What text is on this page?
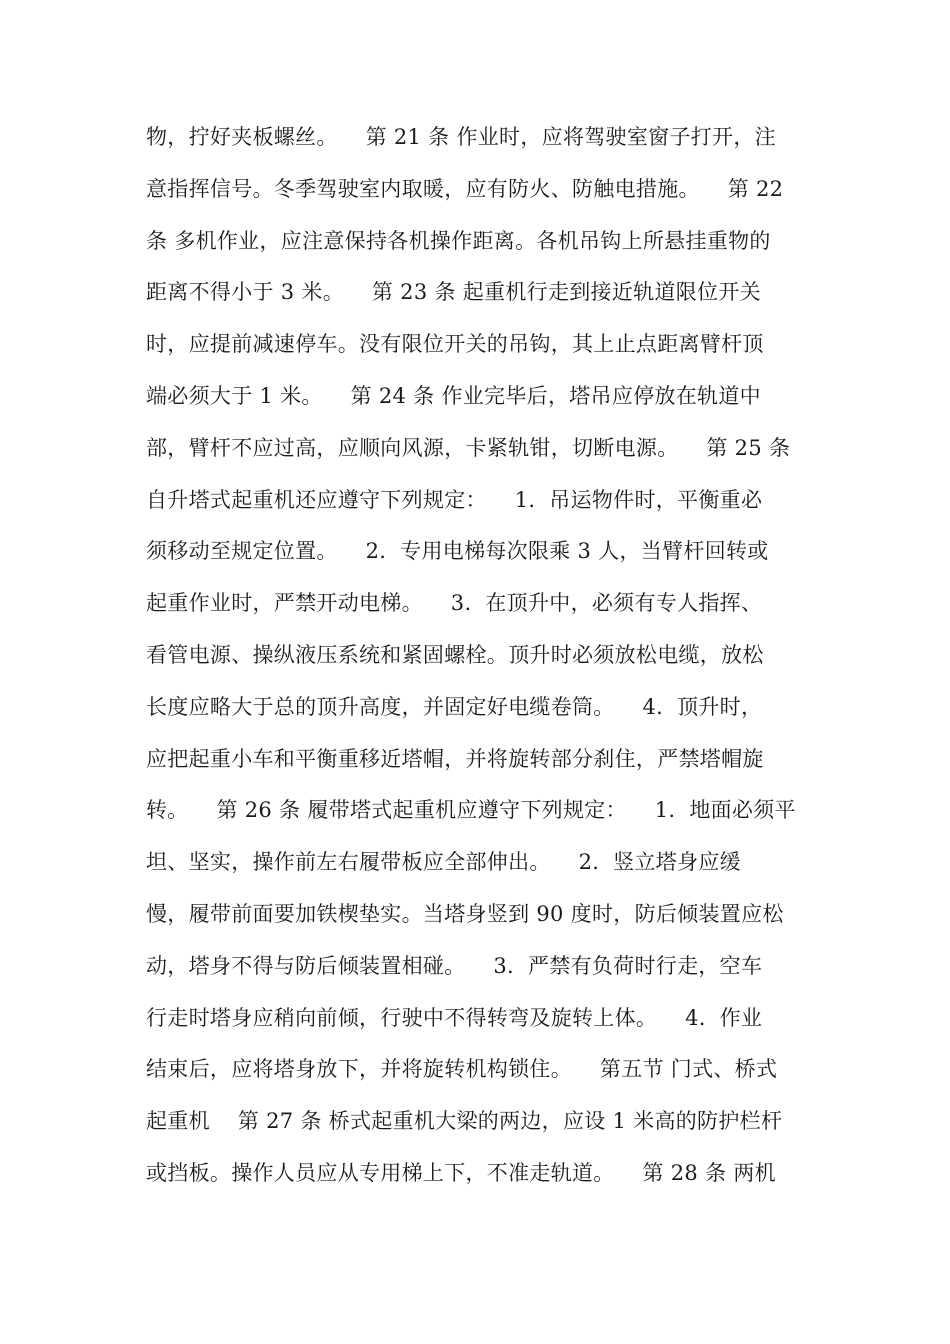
物，拧好夹板螺丝。    第 21 条 作业时，应将驾驶室窗子打开，注
意指挥信号。冬季驾驶室内取暖，应有防火、防触电措施。    第 22
条 多机作业，应注意保持各机操作距离。各机吊钩上所悬挂重物的
距离不得小于 3 米。    第 23 条 起重机行走到接近轨道限位开关
时，应提前减速停车。没有限位开关的吊钩，其上止点距离臂杆顶
端必须大于 1 米。    第 24 条 作业完毕后，塔吊应停放在轨道中
部，臂杆不应过高，应顺向风源，卡紧轨钳，切断电源。    第 25 条
自升塔式起重机还应遵守下列规定：    1.  吊运物件时，平衡重必
须移动至规定位置。    2.  专用电梯每次限乘 3 人，当臂杆回转或
起重作业时，严禁开动电梯。    3.  在顶升中，必须有专人指挥、
看管电源、操纵液压系统和紧固螺栓。顶升时必须放松电缆，放松
长度应略大于总的顶升高度，并固定好电缆卷筒。    4.  顶升时，
应把起重小车和平衡重移近塔帽，并将旋转部分刹住，严禁塔帽旋
转。    第 26 条 履带塔式起重机应遵守下列规定：    1.  地面必须平
坦、坚实，操作前左右履带板应全部伸出。    2.  竖立塔身应缓
慢，履带前面要加铁楔垫实。当塔身竖到 90 度时，防后倾装置应松
动，塔身不得与防后倾装置相碰。    3.  严禁有负荷时行走，空车
行走时塔身应稍向前倾，行驶中不得转弯及旋转上体。    4.  作业
结束后，应将塔身放下，并将旋转机构锁住。    第五节 门式、桥式
起重机    第 27 条 桥式起重机大梁的两边，应设 1 米高的防护栏杆
或挡板。操作人员应从专用梯上下，不准走轨道。    第 28 条 两机
